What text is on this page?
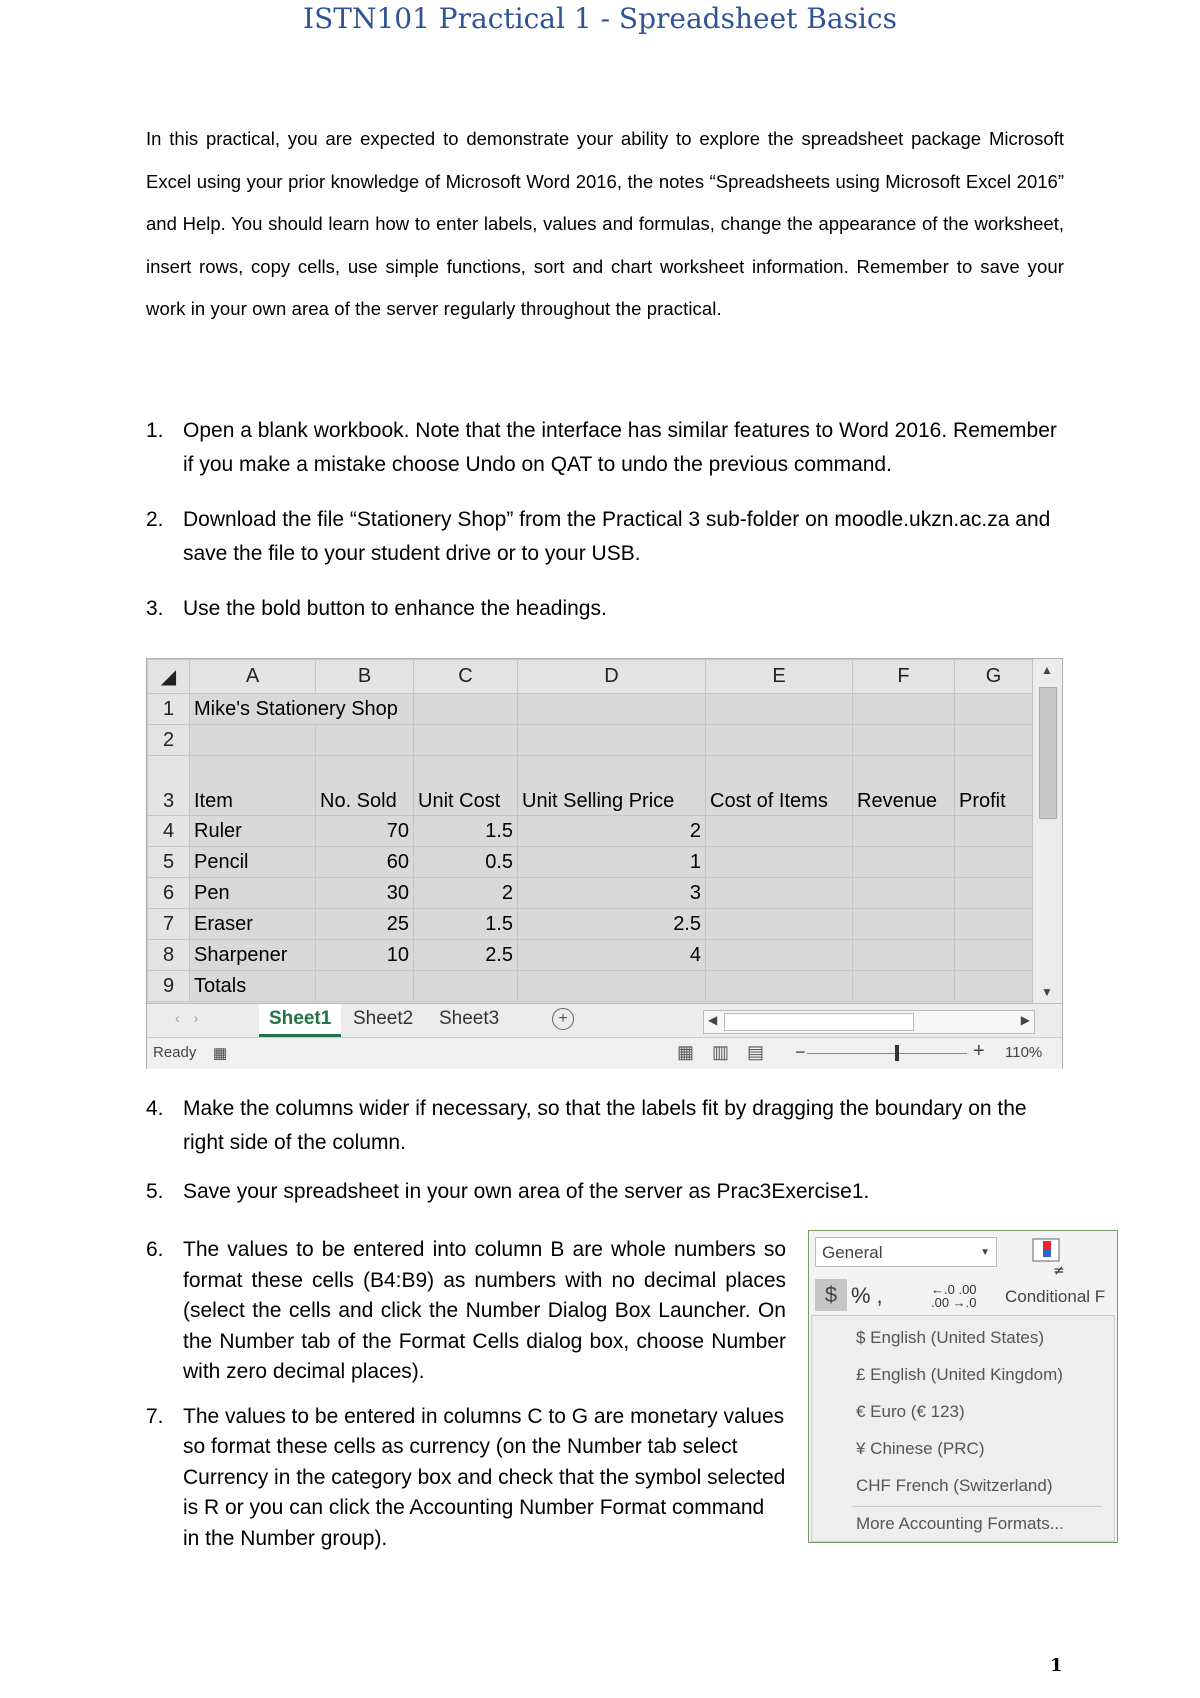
ISTN101 Practical 1 - Spreadsheet Basics
In this practical, you are expected to demonstrate your ability to explore the spreadsheet package Microsoft Excel using your prior knowledge of Microsoft Word 2016, the notes “Spreadsheets using Microsoft Excel 2016” and Help. You should learn how to enter labels, values and formulas, change the appearance of the worksheet, insert rows, copy cells, use simple functions, sort and chart worksheet information. Remember to save your work in your own area of the server regularly throughout the practical.
1. Open a blank workbook. Note that the interface has similar features to Word 2016. Remember if you make a mistake choose Undo on QAT to undo the previous command.
2. Download the file “Stationery Shop” from the Practical 3 sub-folder on moodle.ukzn.ac.za and save the file to your student drive or to your USB.
3. Use the bold button to enhance the headings.
◢	A	B	C	D	E	F	G
1	Mike's Stationery Shop						
2							
3	Item	No. Sold	Unit Cost	Unit Selling Price	Cost of Items	Revenue	Profit
4	Ruler	70	1.5	2			
5	Pencil	60	0.5	1			
6	Pen	30	2	3			
7	Eraser	25	1.5	2.5			
8	Sharpener	10	2.5	4			
9	Totals						
▲
▼
‹›	Sheet1	Sheet2	Sheet3	+	◀	▶
Ready ▦	▦▥▤ −	+ 110%
4. Make the columns wider if necessary, so that the labels fit by dragging the boundary on the right side of the column.
5. Save your spreadsheet in your own area of the server as Prac3Exercise1.
6. The values to be entered into column B are whole numbers so format these cells (B4:B9) as numbers with no decimal places (select the cells and click the Number Dialog Box Launcher. On the Number tab of the Format Cells dialog box, choose Number with zero decimal places).
7. The values to be entered in columns C to G are monetary values so format these cells as currency (on the Number tab select Currency in the category box and check that the symbol selected is R or you can click the Accounting Number Format command in the Number group).
General	▼
≠
$ %,	←.0 .00
.00 →.0 Conditional F
$ English (United States)
£ English (United Kingdom)
€ Euro (€ 123)
¥ Chinese (PRC)
CHF French (Switzerland)
More Accounting Formats...
1
